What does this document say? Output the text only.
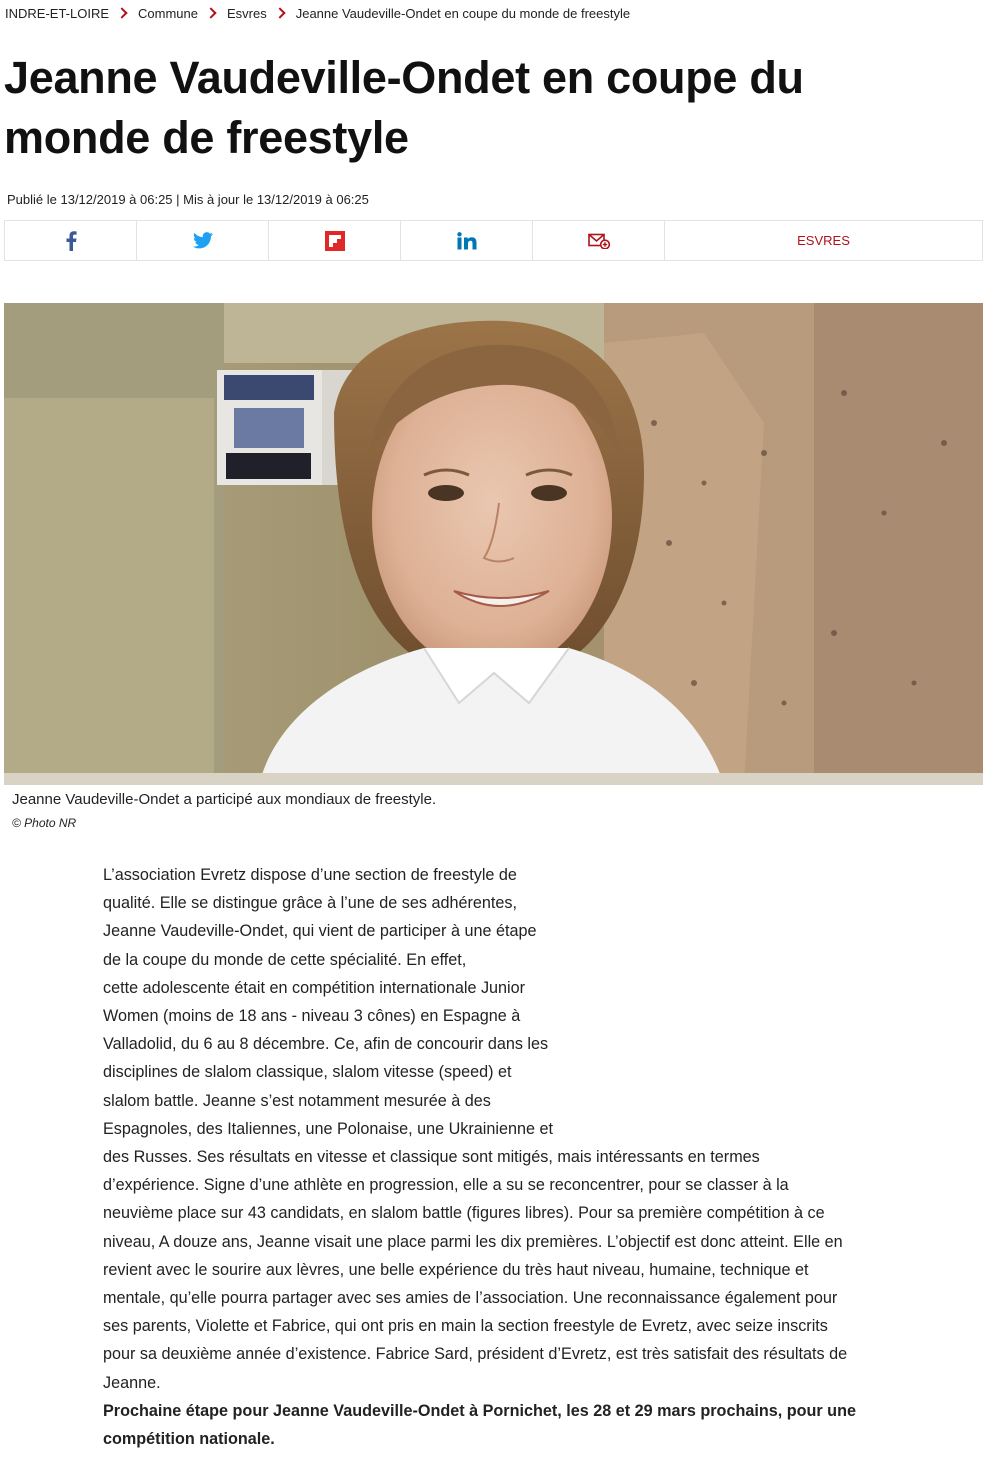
INDRE-ET-LOIRE Commune Esvres Jeanne Vaudeville-Ondet en coupe du monde de freestyle
Jeanne Vaudeville-Ondet en coupe du
monde de freestyle
Publié le 13/12/2019 à 06:25 | Mis à jour le 13/12/2019 à 06:25
ESVRES
Jeanne Vaudeville-Ondet a participé aux mondiaux de freestyle.
© Photo NR
L’association Evretz dispose d’une section de freestyle de
qualité. Elle se distingue grâce à l’une de ses adhérentes,
Jeanne Vaudeville-Ondet, qui vient de participer à une étape
de la coupe du monde de cette spécialité. En effet,
cette adolescente était en compétition internationale Junior
Women (moins de 18 ans - niveau 3 cônes) en Espagne à
Valladolid, du 6 au 8 décembre. Ce, afin de concourir dans les
disciplines de slalom classique, slalom vitesse (speed) et
slalom battle. Jeanne s’est notamment mesurée à des
Espagnoles, des Italiennes, une Polonaise, une Ukrainienne et
des Russes. Ses résultats en vitesse et classique sont mitigés, mais intéressants en termes
d’expérience. Signe d’une athlète en progression, elle a su se reconcentrer, pour se classer à la
neuvième place sur 43 candidats, en slalom battle (figures libres). Pour sa première compétition à ce
niveau, A douze ans, Jeanne visait une place parmi les dix premières. L’objectif est donc atteint. Elle en
revient avec le sourire aux lèvres, une belle expérience du très haut niveau, humaine, technique et
mentale, qu’elle pourra partager avec ses amies de l’association. Une reconnaissance également pour
ses parents, Violette et Fabrice, qui ont pris en main la section freestyle de Evretz, avec seize inscrits
pour sa deuxième année d’existence. Fabrice Sard, président d’Evretz, est très satisfait des résultats de
Jeanne.
Prochaine étape pour Jeanne Vaudeville-Ondet à Pornichet, les 28 et 29 mars prochains, pour une
compétition nationale.
